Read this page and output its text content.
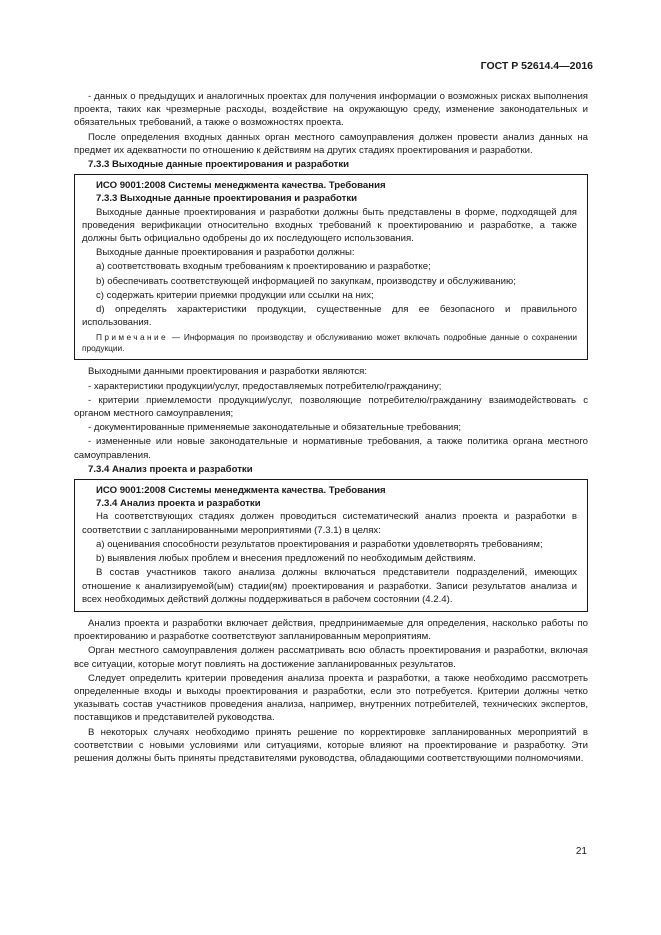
ГОСТ Р 52614.4—2016

- данных о предыдущих и аналогичных проектах для получения информации о возможных рисках выполнения проекта, таких как чрезмерные расходы, воздействие на окружающую среду, изменение законодательных и обязательных требований, а также о возможностях проекта.

После определения входных данных орган местного самоуправления должен провести анализ данных на предмет их адекватности по отношению к действиям на других стадиях проектирования и разработки.

7.3.3 Выходные данные проектирования и разработки

ИСО 9001:2008 Системы менеджмента качества. Требования

7.3.3 Выходные данные проектирования и разработки

Выходные данные проектирования и разработки должны быть представлены в форме, подходящей для проведения верификации относительно входных требований к проектированию и разработке, а также должны быть официально одобрены до их последующего использования.

Выходные данные проектирования и разработки должны:

a) соответствовать входным требованиям к проектированию и разработке;

b) обеспечивать соответствующей информацией по закупкам, производству и обслуживанию;

c) содержать критерии приемки продукции или ссылки на них;

d) определять характеристики продукции, существенные для ее безопасного и правильного использования.

Примечание — Информация по производству и обслуживанию может включать подробные данные о сохранении продукции.

Выходными данными проектирования и разработки являются:

- характеристики продукции/услуг, предоставляемых потребителю/гражданину;

- критерии приемлемости продукции/услуг, позволяющие потребителю/гражданину взаимодействовать с органом местного самоуправления;

- документированные применяемые законодательные и обязательные требования;

- измененные или новые законодательные и нормативные требования, а также политика органа местного самоуправления.

7.3.4 Анализ проекта и разработки

ИСО 9001:2008 Системы менеджмента качества. Требования

7.3.4 Анализ проекта и разработки

На соответствующих стадиях должен проводиться систематический анализ проекта и разработки в соответствии с запланированными мероприятиями (7.3.1) в целях:

a) оценивания способности результатов проектирования и разработки удовлетворять требованиям;

b) выявления любых проблем и внесения предложений по необходимым действиям.

В состав участников такого анализа должны включаться представители подразделений, имеющих отношение к анализируемой(ым) стадии(ям) проектирования и разработки. Записи результатов анализа и всех необходимых действий должны поддерживаться в рабочем состоянии (4.2.4).

Анализ проекта и разработки включает действия, предпринимаемые для определения, насколько работы по проектированию и разработке соответствуют запланированным мероприятиям.

Орган местного самоуправления должен рассматривать всю область проектирования и разработки, включая все ситуации, которые могут повлиять на достижение запланированных результатов.

Следует определить критерии проведения анализа проекта и разработки, а также необходимо рассмотреть определенные входы и выходы проектирования и разработки, если это потребуется. Критерии должны четко указывать состав участников проведения анализа, например, внутренних потребителей, технических экспертов, поставщиков и представителей руководства.

В некоторых случаях необходимо принять решение по корректировке запланированных мероприятий в соответствии с новыми условиями или ситуациями, которые влияют на проектирование и разработку. Эти решения должны быть приняты представителями руководства, обладающими соответствующими полномочиями.

21
